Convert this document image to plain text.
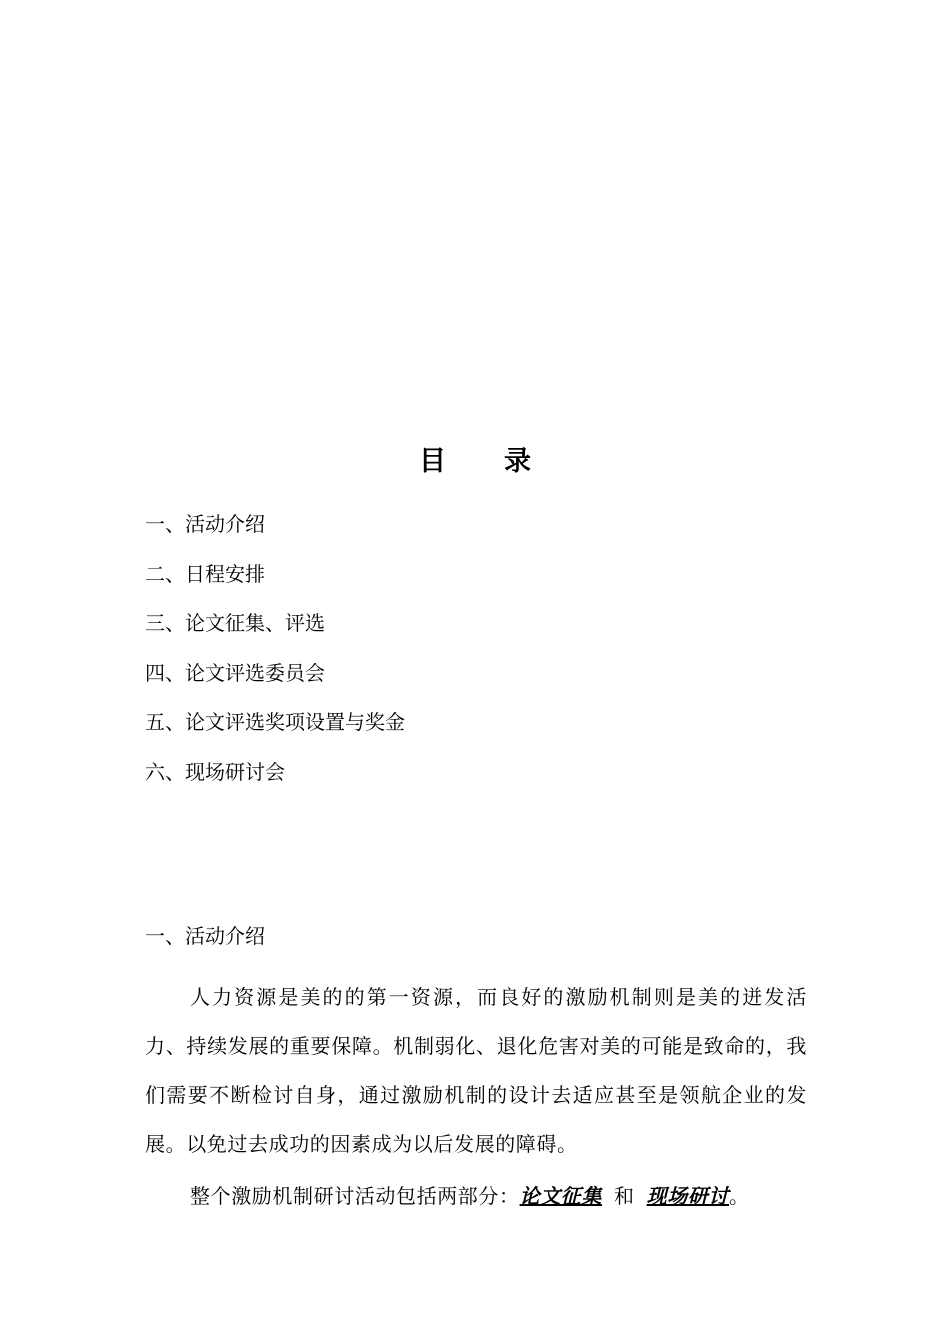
目 录
一、活动介绍
二、日程安排
三、论文征集、评选
四、论文评选委员会
五、论文评选奖项设置与奖金
六、现场研讨会
一、活动介绍

人力资源是美的的第一资源，而良好的激励机制则是美的迸发活力、持续发展的重要保障。机制弱化、退化危害对美的可能是致命的，我们需要不断检讨自身，通过激励机制的设计去适应甚至是领航企业的发展。以免过去成功的因素成为以后发展的障碍。

整个激励机制研讨活动包括两部分：论文征集 和 现场研讨。
